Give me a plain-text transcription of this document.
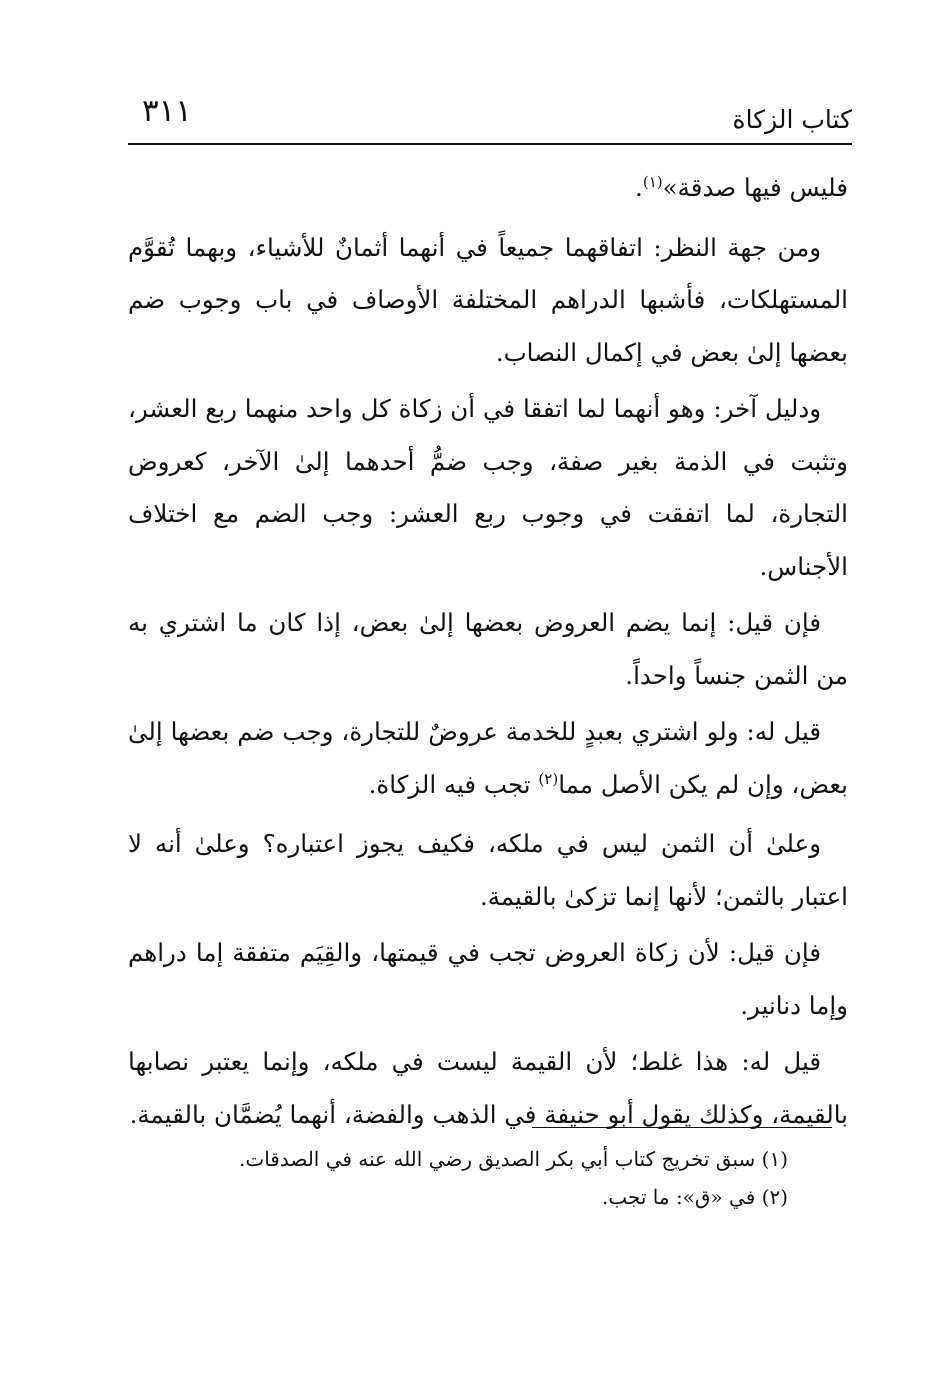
كتاب الزكاة
٣١١

فليس فيها صدقة»$^{(١)}$.

ومن جهة النظر: اتفاقهما جميعاً في أنهما أثمانٌ للأشياء، وبهما تُقوَّم المستهلكات، فأشبها الدراهم المختلفة الأوصاف في باب وجوب ضم بعضها إلىٰ بعض في إكمال النصاب.

ودليل آخر: وهو أنهما لما اتفقا في أن زكاة كل واحد منهما ربع العشر، وتثبت في الذمة بغير صفة، وجب ضمُّ أحدهما إلىٰ الآخر، كعروض التجارة، لما اتفقت في وجوب ربع العشر: وجب الضم مع اختلاف الأجناس.

فإن قيل: إنما يضم العروض بعضها إلىٰ بعض، إذا كان ما اشتري به من الثمن جنساً واحداً.

قيل له: ولو اشتري بعبدٍ للخدمة عروضٌ للتجارة، وجب ضم بعضها إلىٰ بعض، وإن لم يكن الأصل مما$^{(٢)}$ تجب فيه الزكاة.

وعلىٰ أن الثمن ليس في ملكه، فكيف يجوز اعتباره؟ وعلىٰ أنه لا اعتبار بالثمن؛ لأنها إنما تزكىٰ بالقيمة.

فإن قيل: لأن زكاة العروض تجب في قيمتها، والقِيَم متفقة إما دراهم وإما دنانير.

قيل له: هذا غلط؛ لأن القيمة ليست في ملكه، وإنما يعتبر نصابها بالقيمة، وكذلك يقول أبو حنيفة في الذهب والفضة، أنهما يُضمَّان بالقيمة.

(١) سبق تخريج كتاب أبي بكر الصديق رضي الله عنه في الصدقات.

(٢) في «ق»: ما تجب.
